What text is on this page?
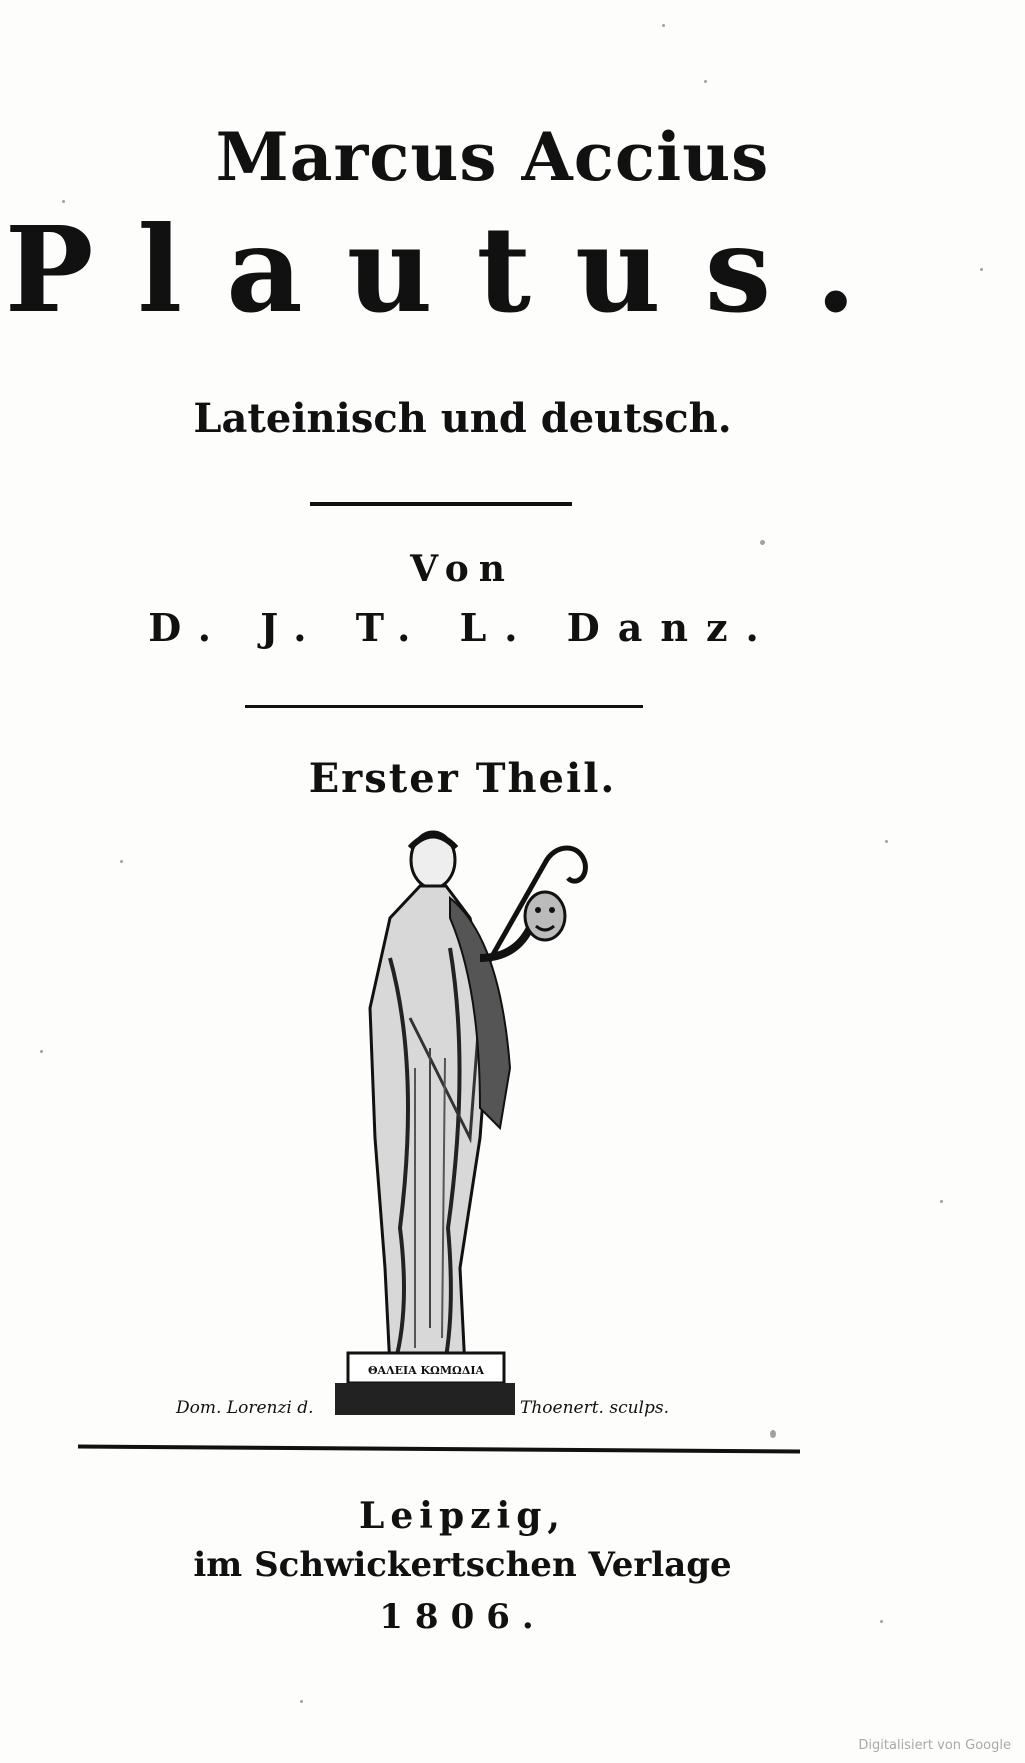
Marcus Accius
Plautus.
Lateinisch und deutsch.
Von
D. J. T. L. Danz.
Erster Theil.
ΘΑΛΕΙΑ ΚΩΜΩΔΙΑ
Dom. Lorenzi d.	Thoenert. sculps.
Leipzig,
im Schwickertschen Verlage
1806.
Digitalisiert von Google
